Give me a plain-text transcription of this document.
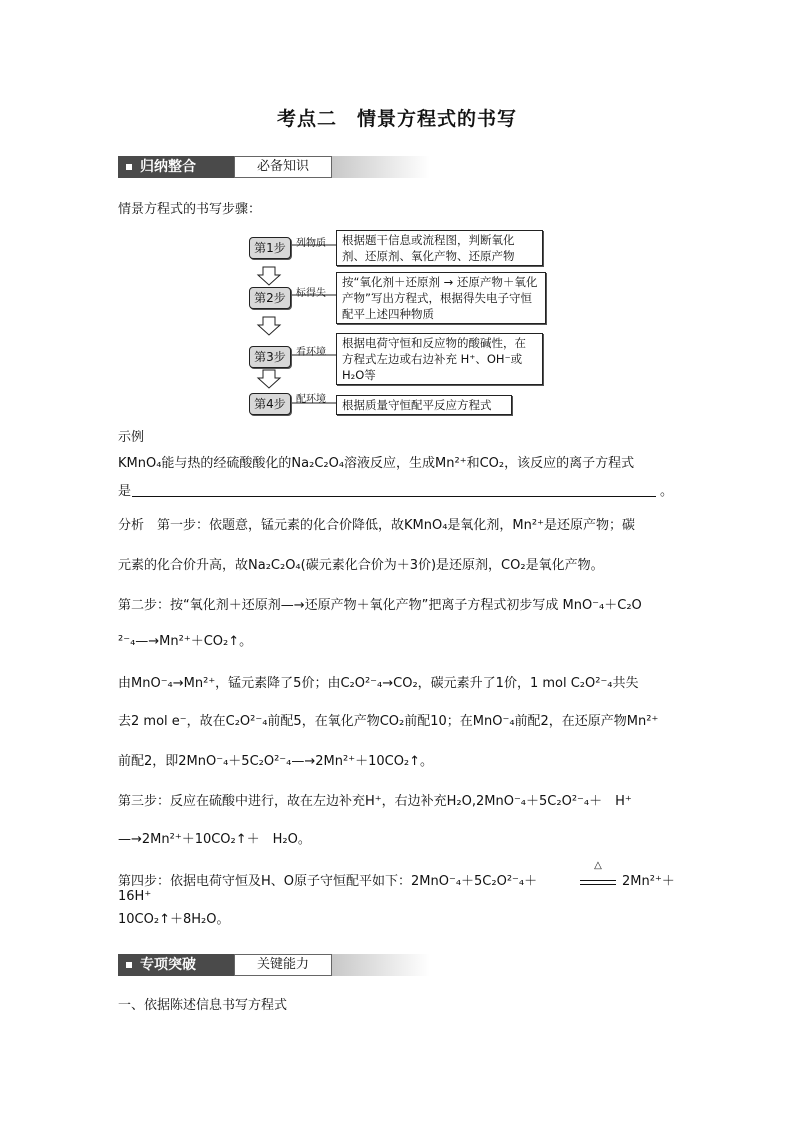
考点二　情景方程式的书写
归纳整合	必备知识
情景方程式的书写步骤：
第1步	列物质	根据题干信息或流程图，判断氧化剂、还原剂、氧化产物、还原产物
第2步	标得失
按“氧化剂＋还原剂 → 还原产物＋氧化产物”写出方程式，根据得失电子守恒配平上述四种物质
第3步	看环境
根据电荷守恒和反应物的酸碱性，在方程式左边或右边补充 H⁺、OH⁻或H₂O等
第4步	配环境	根据质量守恒配平反应方程式
示例
KMnO₄能与热的经硫酸酸化的Na₂C₂O₄溶液反应，生成Mn²⁺和CO₂，该反应的离子方程式
是	。
分析　第一步：依题意，锰元素的化合价降低，故KMnO₄是氧化剂，Mn²⁺是还原产物；碳
元素的化合价升高，故Na₂C₂O₄(碳元素化合价为＋3价)是还原剂，CO₂是氧化产物。
第二步：按“氧化剂＋还原剂—→还原产物＋氧化产物”把离子方程式初步写成 MnO⁻₄＋C₂O
²⁻₄—→Mn²⁺＋CO₂↑。
由MnO⁻₄→Mn²⁺，锰元素降了5价；由C₂O²⁻₄→CO₂，碳元素升了1价，1 mol C₂O²⁻₄共失
去2 mol e⁻，故在C₂O²⁻₄前配5，在氧化产物CO₂前配10；在MnO⁻₄前配2，在还原产物Mn²⁺
前配2，即2MnO⁻₄＋5C₂O²⁻₄—→2Mn²⁺＋10CO₂↑。
第三步：反应在硫酸中进行，故在左边补充H⁺，右边补充H₂O,2MnO⁻₄＋5C₂O²⁻₄＋　H⁺
—→2Mn²⁺＋10CO₂↑＋　H₂O。
第四步：依据电荷守恒及H、O原子守恒配平如下：2MnO⁻₄＋5C₂O²⁻₄＋16H⁺
△
2Mn²⁺＋
10CO₂↑＋8H₂O。
专项突破	关键能力
一、依据陈述信息书写方程式
